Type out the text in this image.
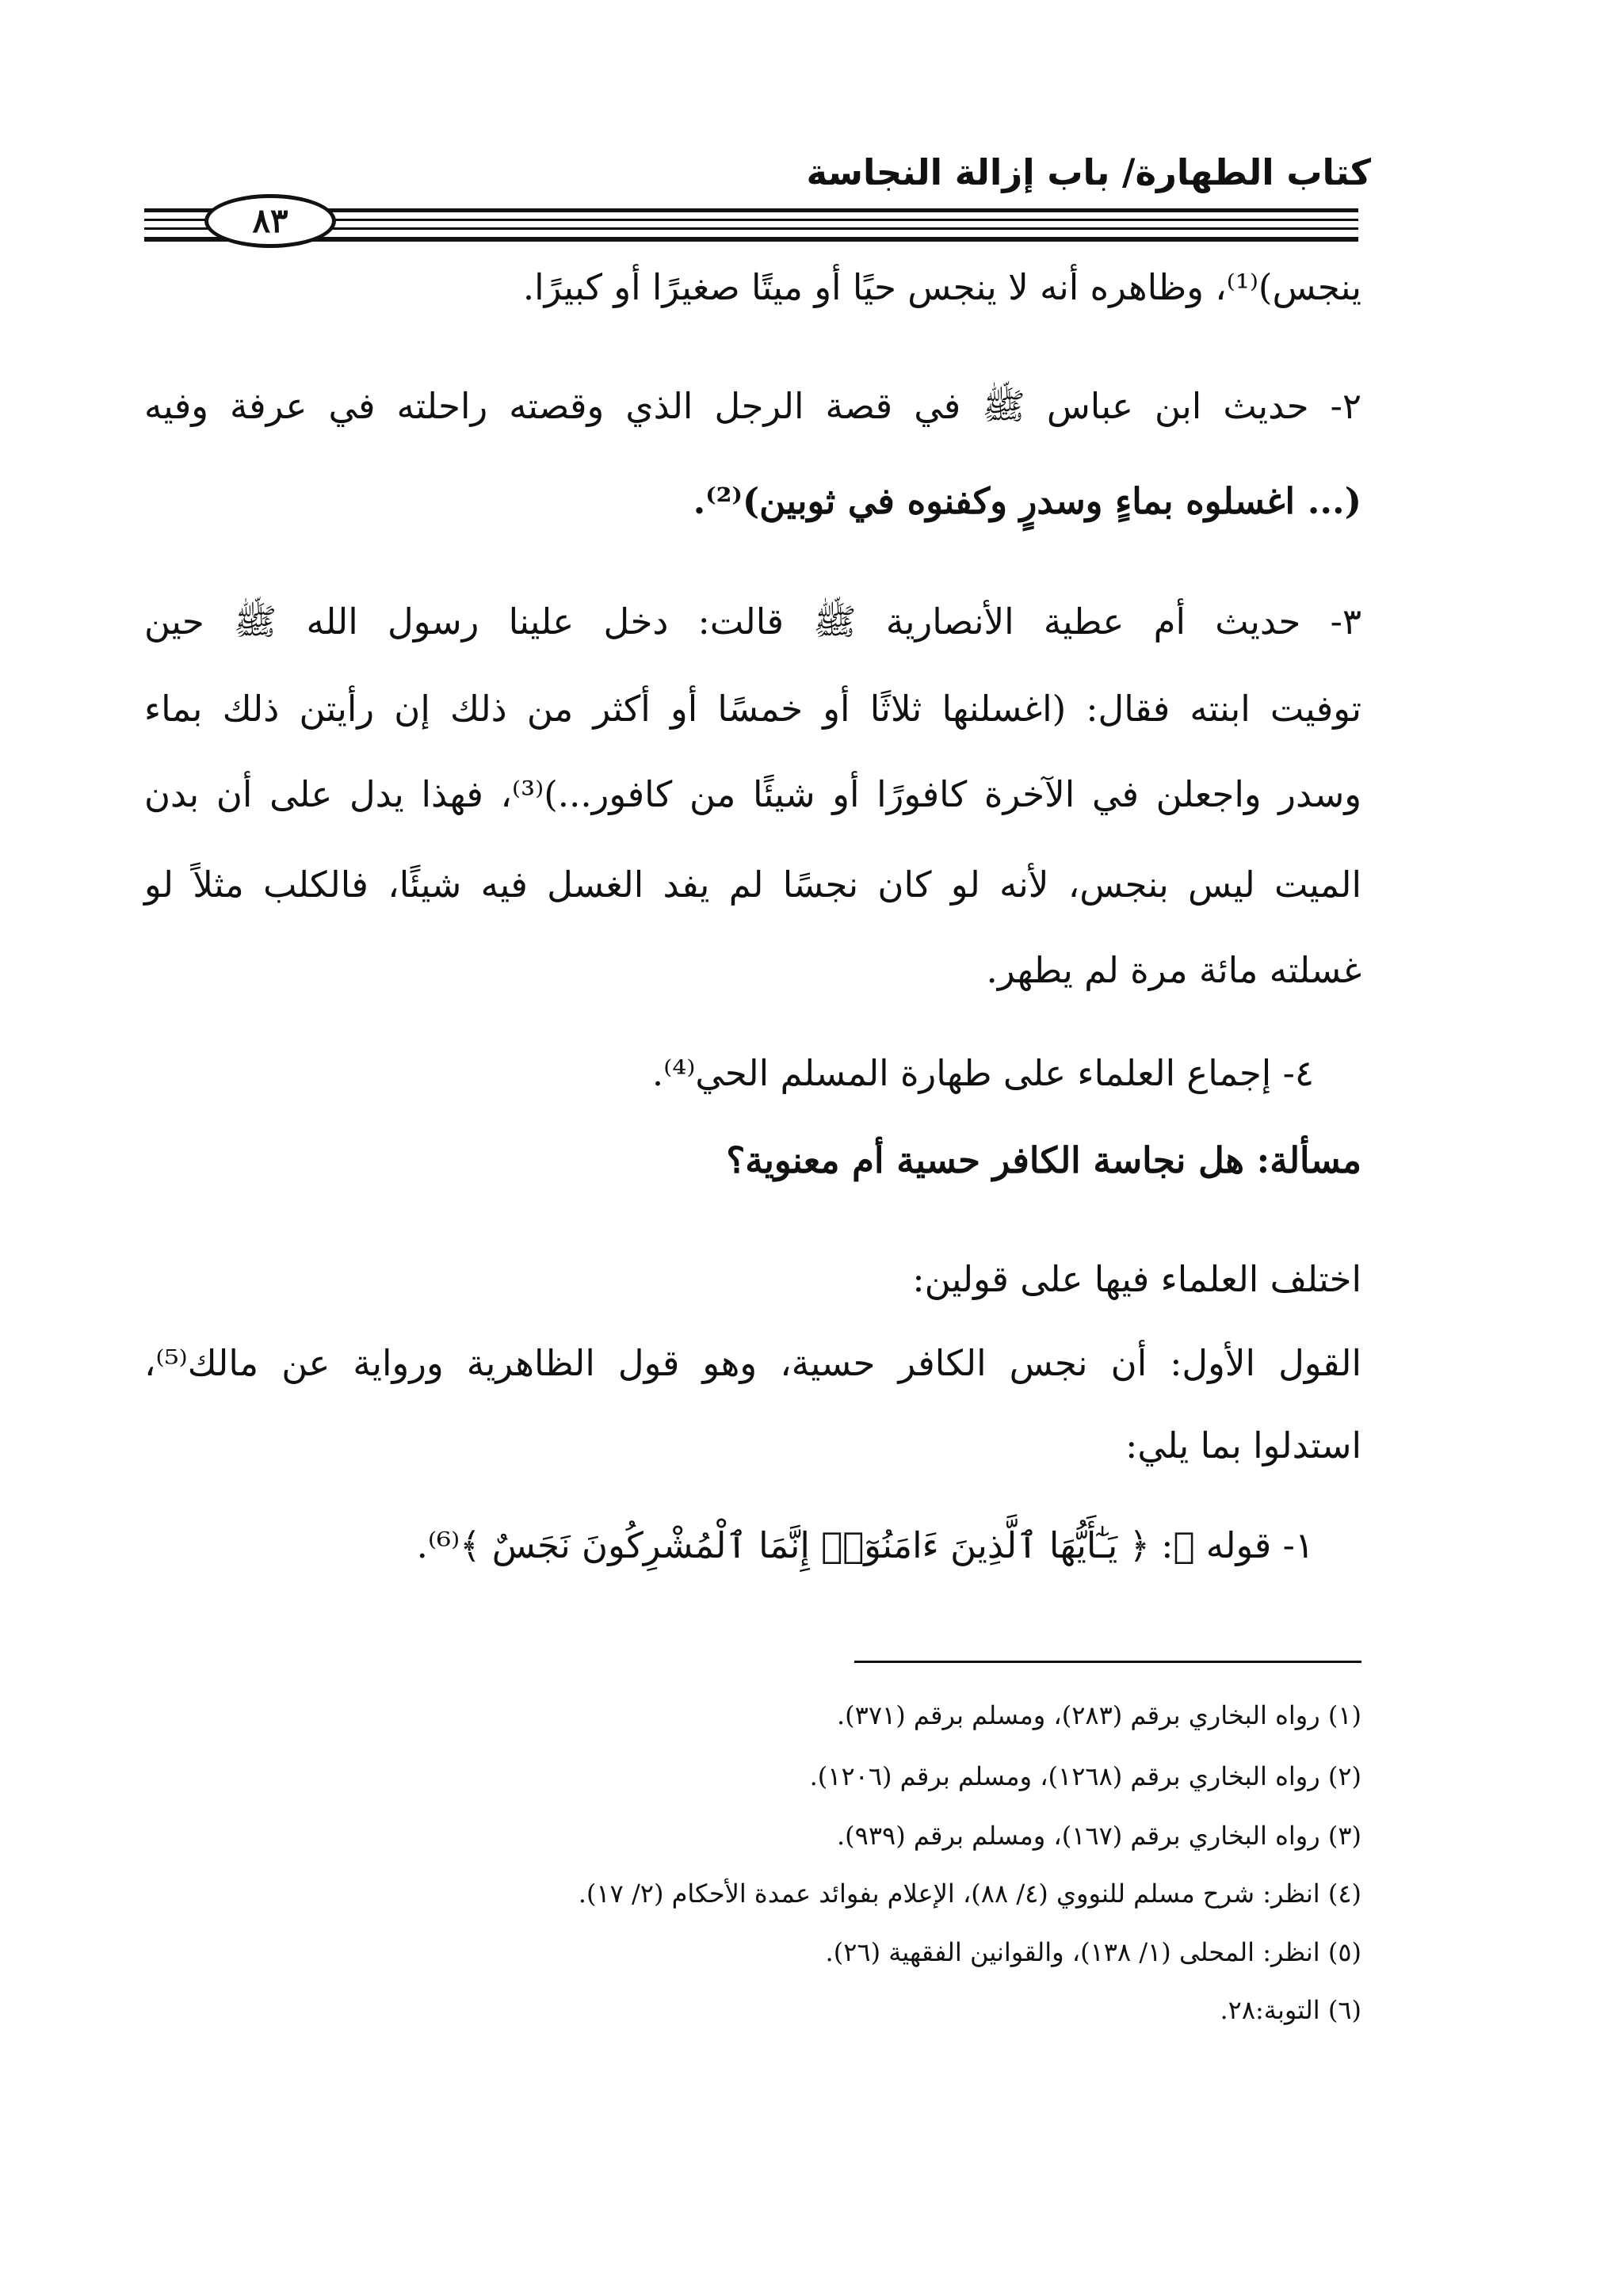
كتاب الطهارة/ باب إزالة النجاسة
٨٣
ينجس)⁽¹⁾، وظاهره أنه لا ينجس حيًا أو ميتًا صغيرًا أو كبيرًا.
٢- حديث ابن عباس ﷺ في قصة الرجل الذي وقصته راحلته في عرفة وفيه
(... اغسلوه بماءٍ وسدرٍ وكفنوه في ثوبين)⁽²⁾.
٣- حديث أم عطية الأنصارية ﷺ قالت: دخل علينا رسول الله ﷺ حين
توفيت ابنته فقال: (اغسلنها ثلاثًا أو خمسًا أو أكثر من ذلك إن رأيتن ذلك بماء
وسدر واجعلن في الآخرة كافورًا أو شيئًا من كافور...)⁽³⁾، فهذا يدل على أن بدن
الميت ليس بنجس، لأنه لو كان نجسًا لم يفد الغسل فيه شيئًا، فالكلب مثلاً لو
غسلته مائة مرة لم يطهر.
٤- إجماع العلماء على طهارة المسلم الحي⁽⁴⁾.
مسألة: هل نجاسة الكافر حسية أم معنوية؟
اختلف العلماء فيها على قولين:
القول الأول: أن نجس الكافر حسية، وهو قول الظاهرية ورواية عن مالك⁽⁵⁾،
استدلوا بما يلي:
١- قوله ﷻ: ﴿ يَـٰٓأَيُّهَا ٱلَّذِينَ ءَامَنُوٓا۟ إِنَّمَا ٱلْمُشْرِكُونَ نَجَسٌ ﴾⁽⁶⁾.
(١) رواه البخاري برقم (٢٨٣)، ومسلم برقم (٣٧١).
(٢) رواه البخاري برقم (١٢٦٨)، ومسلم برقم (١٢٠٦).
(٣) رواه البخاري برقم (١٦٧)، ومسلم برقم (٩٣٩).
(٤) انظر: شرح مسلم للنووي (٤/ ٨٨)، الإعلام بفوائد عمدة الأحكام (٢/ ١٧).
(٥) انظر: المحلى (١/ ١٣٨)، والقوانين الفقهية (٢٦).
(٦) التوبة:٢٨.
